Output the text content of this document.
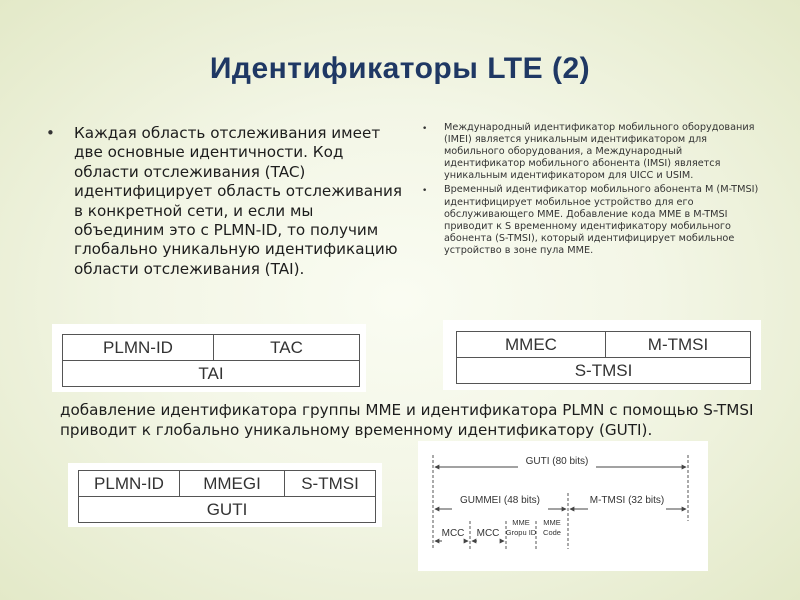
Идентификаторы LTE (2)
• Каждая область отслеживания имеет две основные идентичности. Код области отслеживания (TAC) идентифицирует область отслеживания в конкретной сети, и если мы объединим это с PLMN-ID, то получим глобально уникальную идентификацию области отслеживания (TAI).
• Международный идентификатор мобильного оборудования (IMEI) является уникальным идентификатором для мобильного оборудования, а Международный идентификатор мобильного абонента (IMSI) является уникальным идентификатором для UICC и USIM.
• Временный идентификатор мобильного абонента M (M-TMSI) идентифицирует мобильное устройство для его обслуживающего MME. Добавление кода MME в M-TMSI приводит к S временному идентификатору мобильного абонента (S-TMSI), который идентифицирует мобильное устройство в зоне пула MME.
PLMN-ID	TAC
TAI
MMEC	M-TMSI
S-TMSI
добавление идентификатора группы MME и идентификатора PLMN с помощью S-TMSI приводит к глобально уникальному временному идентификатору (GUTI).
PLMN-ID	MMEGI	S-TMSI
GUTI
GUTI (80 bits)
GUMMEI (48 bits)	M-TMSI (32 bits)
MCC MCC
MME
Gropu ID
MME
Code
